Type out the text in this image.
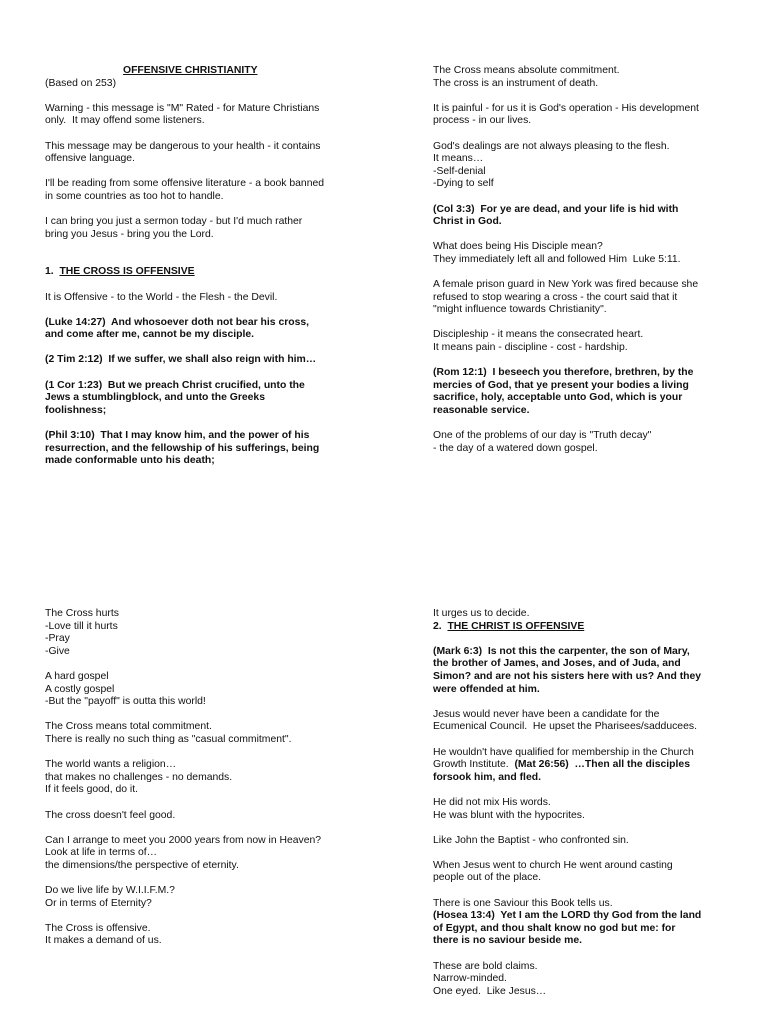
OFFENSIVE CHRISTIANITY
(Based on 253)
Warning - this message is "M" Rated - for Mature Christians
only.  It may offend some listeners.
This message may be dangerous to your health - it contains
offensive language.
I'll be reading from some offensive literature - a book banned
in some countries as too hot to handle.
I can bring you just a sermon today - but I'd much rather
bring you Jesus - bring you the Lord.
1.  THE CROSS IS OFFENSIVE
It is Offensive - to the World - the Flesh - the Devil.
(Luke 14:27)  And whosoever doth not bear his cross,
and come after me, cannot be my disciple.
(2 Tim 2:12)  If we suffer, we shall also reign with him…
(1 Cor 1:23)  But we preach Christ crucified, unto the
Jews a stumblingblock, and unto the Greeks
foolishness;
(Phil 3:10)  That I may know him, and the power of his
resurrection, and the fellowship of his sufferings, being
made conformable unto his death;
The Cross means absolute commitment.
The cross is an instrument of death.
It is painful - for us it is God's operation - His development
process - in our lives.
God's dealings are not always pleasing to the flesh.
It means…
-Self-denial
-Dying to self
(Col 3:3)  For ye are dead, and your life is hid with
Christ in God.
What does being His Disciple mean?
They immediately left all and followed Him  Luke 5:11.
A female prison guard in New York was fired because she
refused to stop wearing a cross - the court said that it
"might influence towards Christianity".
Discipleship - it means the consecrated heart.
It means pain - discipline - cost - hardship.
(Rom 12:1)  I beseech you therefore, brethren, by the
mercies of God, that ye present your bodies a living
sacrifice, holy, acceptable unto God, which is your
reasonable service.
One of the problems of our day is "Truth decay"
- the day of a watered down gospel.
The Cross hurts
-Love till it hurts
-Pray
-Give
A hard gospel
A costly gospel
-But the "payoff" is outta this world!
The Cross means total commitment.
There is really no such thing as "casual commitment".
The world wants a religion…
that makes no challenges - no demands.
If it feels good, do it.
The cross doesn't feel good.
Can I arrange to meet you 2000 years from now in Heaven?
Look at life in terms of…
the dimensions/the perspective of eternity.
Do we live life by W.I.I.F.M.?
Or in terms of Eternity?
The Cross is offensive.
It makes a demand of us.
It urges us to decide.
2.  THE CHRIST IS OFFENSIVE
(Mark 6:3)  Is not this the carpenter, the son of Mary,
the brother of James, and Joses, and of Juda, and
Simon? and are not his sisters here with us? And they
were offended at him.
Jesus would never have been a candidate for the
Ecumenical Council.  He upset the Pharisees/sadducees.
He wouldn't have qualified for membership in the Church
Growth Institute.  (Mat 26:56)  …Then all the disciples
forsook him, and fled.
He did not mix His words.
He was blunt with the hypocrites.
Like John the Baptist - who confronted sin.
When Jesus went to church He went around casting
people out of the place.
There is one Saviour this Book tells us.
(Hosea 13:4)  Yet I am the LORD thy God from the land
of Egypt, and thou shalt know no god but me: for
there is no saviour beside me.
These are bold claims.
Narrow-minded.
One eyed.  Like Jesus…
